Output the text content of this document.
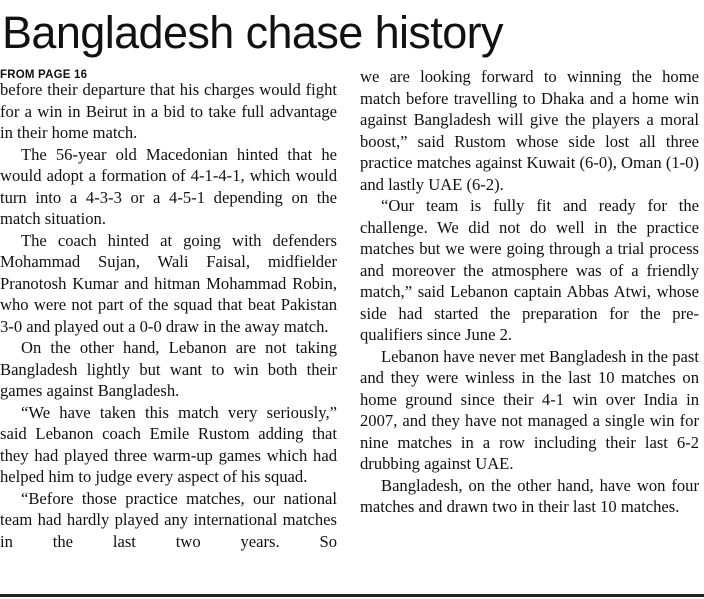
Bangladesh chase history
FROM PAGE 16

before their departure that his charges would fight for a win in Beirut in a bid to take full advantage in their home match.

The 56-year old Macedonian hinted that he would adopt a formation of 4-1-4-1, which would turn into a 4-3-3 or a 4-5-1 depending on the match situation.

The coach hinted at going with defenders Mohammad Sujan, Wali Faisal, midfielder Pranotosh Kumar and hitman Mohammad Robin, who were not part of the squad that beat Pakistan 3-0 and played out a 0-0 draw in the away match.

On the other hand, Lebanon are not taking Bangladesh lightly but want to win both their games against Bangladesh.

“We have taken this match very seriously,” said Lebanon coach Emile Rustom adding that they had played three warm-up games which had helped him to judge every aspect of his squad.

“Before those practice matches, our national team had hardly played any international matches in the last two years. So

we are looking forward to winning the home match before travelling to Dhaka and a home win against Bangladesh will give the players a moral boost,” said Rustom whose side lost all three practice matches against Kuwait (6-0), Oman (1-0) and lastly UAE (6-2).

“Our team is fully fit and ready for the challenge. We did not do well in the practice matches but we were going through a trial process and moreover the atmosphere was of a friendly match,” said Lebanon captain Abbas Atwi, whose side had started the preparation for the pre-qualifiers since June 2.

Lebanon have never met Bangladesh in the past and they were winless in the last 10 matches on home ground since their 4-1 win over India in 2007, and they have not managed a single win for nine matches in a row including their last 6-2 drubbing against UAE.

Bangladesh, on the other hand, have won four matches and drawn two in their last 10 matches.
